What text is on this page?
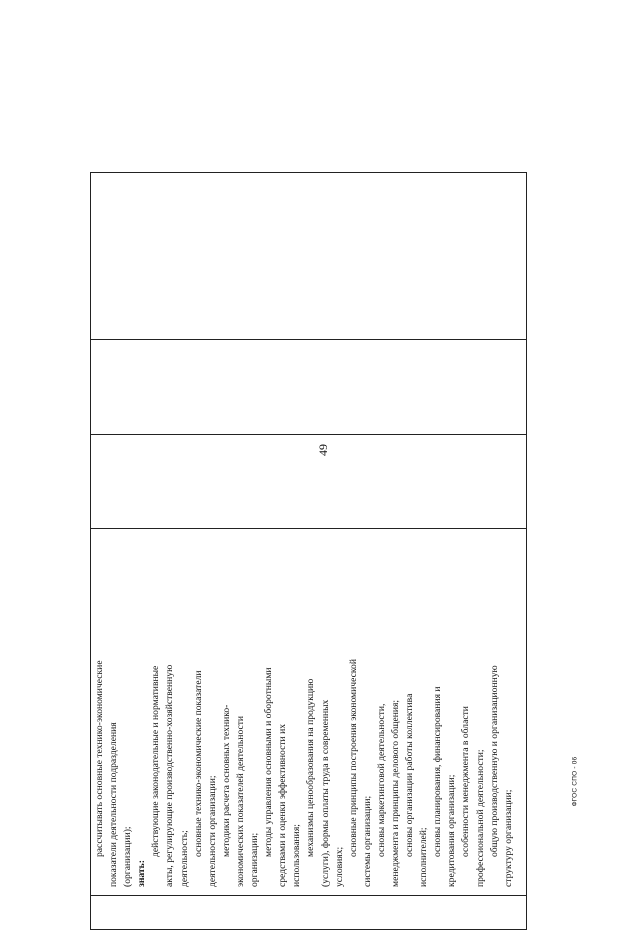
49

рассчитывать основные технико-экономические показатели деятельности подразделения (организации); знать:
действующие законодательные и нормативные акты, регулирующие производственно-хозяйственную деятельность;
основные технико-экономические показатели деятельности организации; методики расчета основных технико- экономических показателей деятельности организации;
методы управления основными и оборотными средствами и оценки эффективности их использования; механизмы ценообразования на продукцию (услуги), формы оплаты труда в современных условиях;
основные принципы построения экономической системы организации; основы маркетинговой деятельности, менеджмента и принципы делового общения; основы организации работы коллектива
исполнителей;
основы планирования, финансирования и кредитования организации; особенности менеджмента в области профессиональной деятельности; общую производственную и организационную структуру организации;

ФГОС СПО - 06
